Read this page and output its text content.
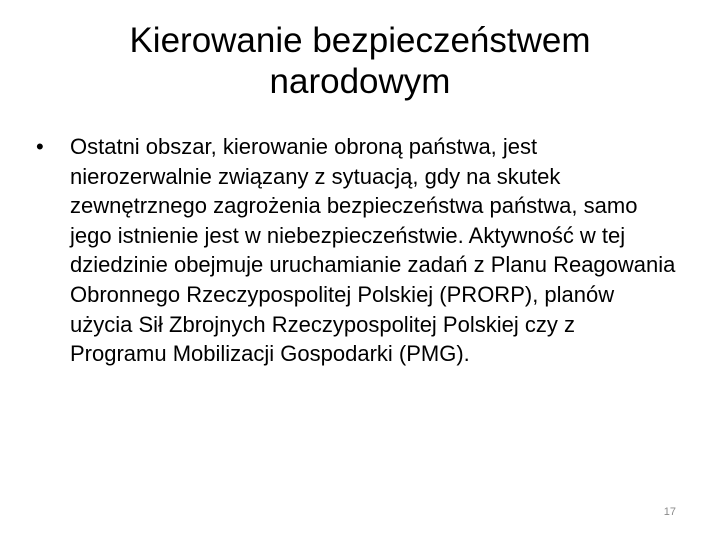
Kierowanie bezpieczeństwem
narodowym
•	Ostatni obszar, kierowanie obroną państwa, jest nierozerwalnie związany z sytuacją, gdy na skutek zewnętrznego zagrożenia bezpieczeństwa państwa, samo jego istnienie jest w niebezpieczeństwie. Aktywność w tej dziedzinie obejmuje uruchamianie zadań z Planu Reagowania Obronnego Rzeczypospolitej Polskiej (PRORP), planów użycia Sił Zbrojnych Rzeczypospolitej Polskiej czy z Programu Mobilizacji Gospodarki (PMG).
17
